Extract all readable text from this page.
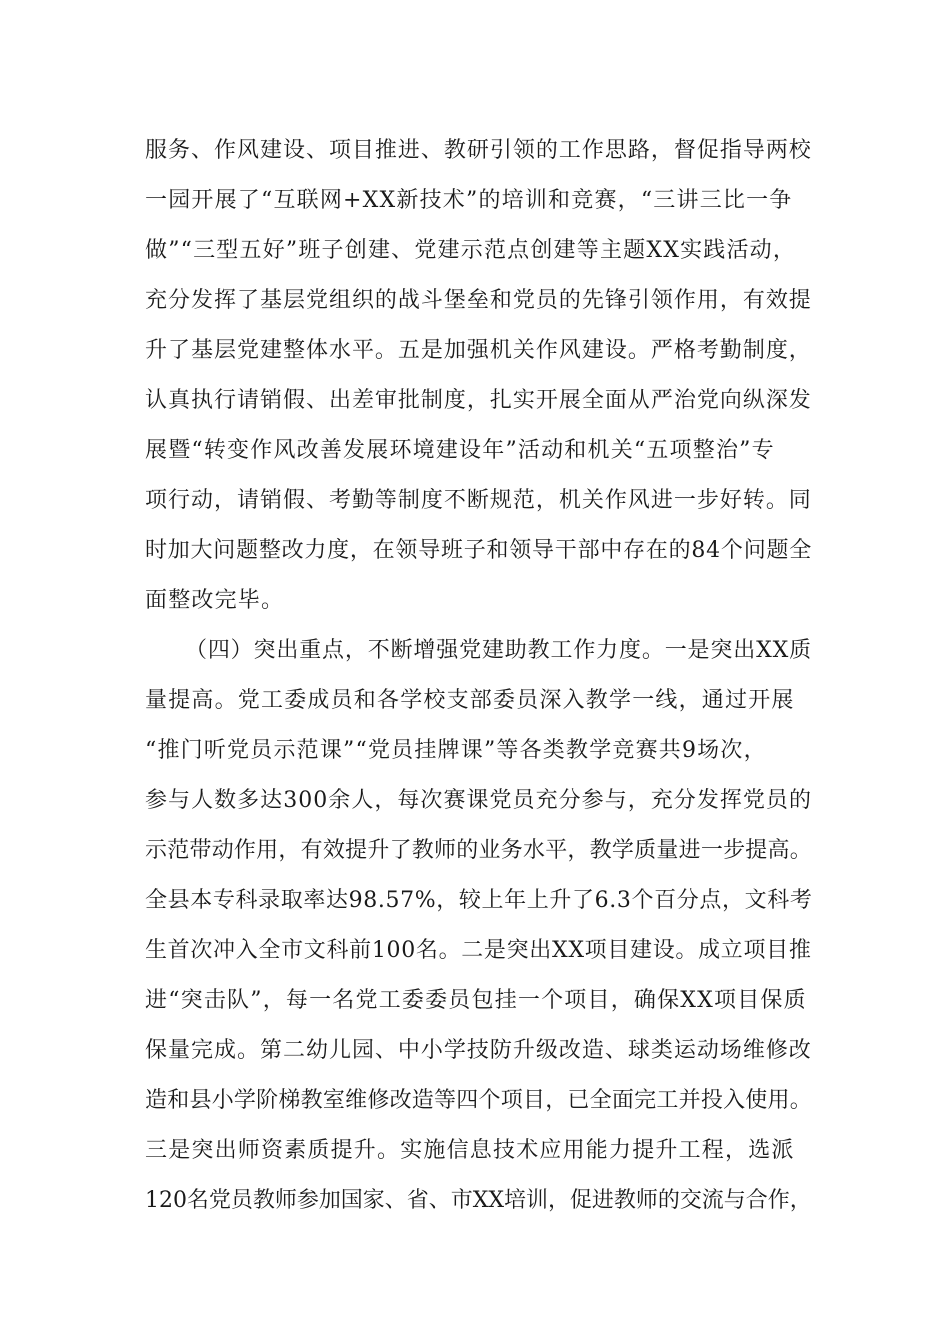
服务、作风建设、项目推进、教研引领的工作思路，督促指导两校
一园开展了“互联网+XX新技术”的培训和竞赛，“三讲三比一争
做”“三型五好”班子创建、党建示范点创建等主题XX实践活动，
充分发挥了基层党组织的战斗堡垒和党员的先锋引领作用，有效提
升了基层党建整体水平。五是加强机关作风建设。严格考勤制度，
认真执行请销假、出差审批制度，扎实开展全面从严治党向纵深发
展暨“转变作风改善发展环境建设年”活动和机关“五项整治”专
项行动，请销假、考勤等制度不断规范，机关作风进一步好转。同
时加大问题整改力度，在领导班子和领导干部中存在的84个问题全
面整改完毕。
（四）突出重点，不断增强党建助教工作力度。一是突出XX质
量提高。党工委成员和各学校支部委员深入教学一线，通过开展
“推门听党员示范课”“党员挂牌课”等各类教学竞赛共9场次，
参与人数多达300余人，每次赛课党员充分参与，充分发挥党员的
示范带动作用，有效提升了教师的业务水平，教学质量进一步提高。
全县本专科录取率达98.57%，较上年上升了6.3个百分点，文科考
生首次冲入全市文科前100名。二是突出XX项目建设。成立项目推
进“突击队”，每一名党工委委员包挂一个项目，确保XX项目保质
保量完成。第二幼儿园、中小学技防升级改造、球类运动场维修改
造和县小学阶梯教室维修改造等四个项目，已全面完工并投入使用。
三是突出师资素质提升。实施信息技术应用能力提升工程，选派
120名党员教师参加国家、省、市XX培训，促进教师的交流与合作，
